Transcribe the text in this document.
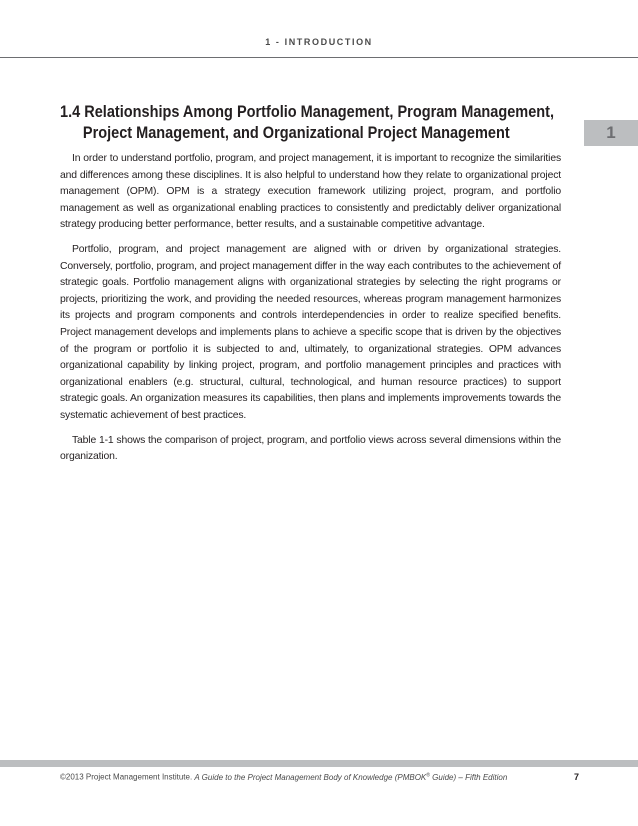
1 - INTRODUCTION
1
1.4 Relationships Among Portfolio Management, Program Management,
Project Management, and Organizational Project Management

In order to understand portfolio, program, and project management, it is important to recognize the similarities and differences among these disciplines. It is also helpful to understand how they relate to organizational project management (OPM). OPM is a strategy execution framework utilizing project, program, and portfolio management as well as organizational enabling practices to consistently and predictably deliver organizational strategy producing better performance, better results, and a sustainable competitive advantage.

Portfolio, program, and project management are aligned with or driven by organizational strategies. Conversely, portfolio, program, and project management differ in the way each contributes to the achievement of strategic goals. Portfolio management aligns with organizational strategies by selecting the right programs or projects, prioritizing the work, and providing the needed resources, whereas program management harmonizes its projects and program components and controls interdependencies in order to realize specified benefits. Project management develops and implements plans to achieve a specific scope that is driven by the objectives of the program or portfolio it is subjected to and, ultimately, to organizational strategies. OPM advances organizational capability by linking project, program, and portfolio management principles and practices with organizational enablers (e.g. structural, cultural, technological, and human resource practices) to support strategic goals. An organization measures its capabilities, then plans and implements improvements towards the systematic achievement of best practices.

Table 1-1 shows the comparison of project, program, and portfolio views across several dimensions within the organization.

©2013 Project Management Institute. A Guide to the Project Management Body of Knowledge (PMBOK® Guide) – Fifth Edition	7
